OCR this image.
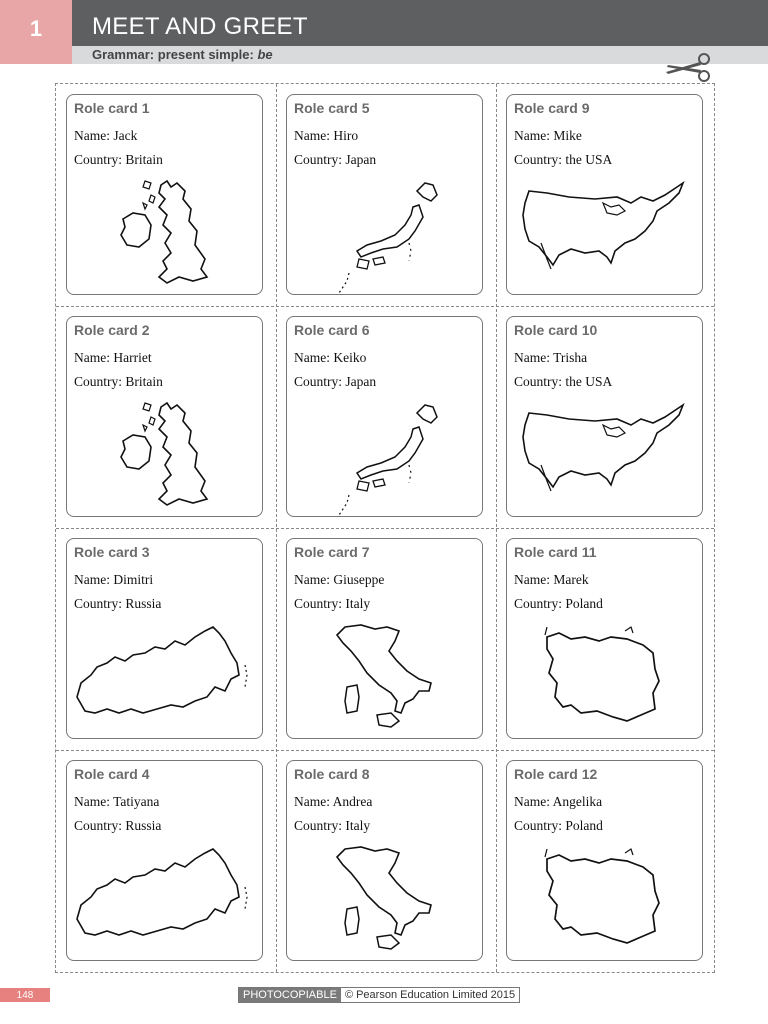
1 MEET AND GREET
Grammar: present simple: be
Role card 1
Name: Jack
Country: Britain
Role card 5
Name: Hiro
Country: Japan
Role card 9
Name: Mike
Country: the USA
Role card 2
Name: Harriet
Country: Britain
Role card 6
Name: Keiko
Country: Japan
Role card 10
Name: Trisha
Country: the USA
Role card 3
Name: Dimitri
Country: Russia
Role card 7
Name: Giuseppe
Country: Italy
Role card 11
Name: Marek
Country: Poland
Role card 4
Name: Tatiyana
Country: Russia
Role card 8
Name: Andrea
Country: Italy
Role card 12
Name: Angelika
Country: Poland
148	PHOTOCOPIABLE © Pearson Education Limited 2015
